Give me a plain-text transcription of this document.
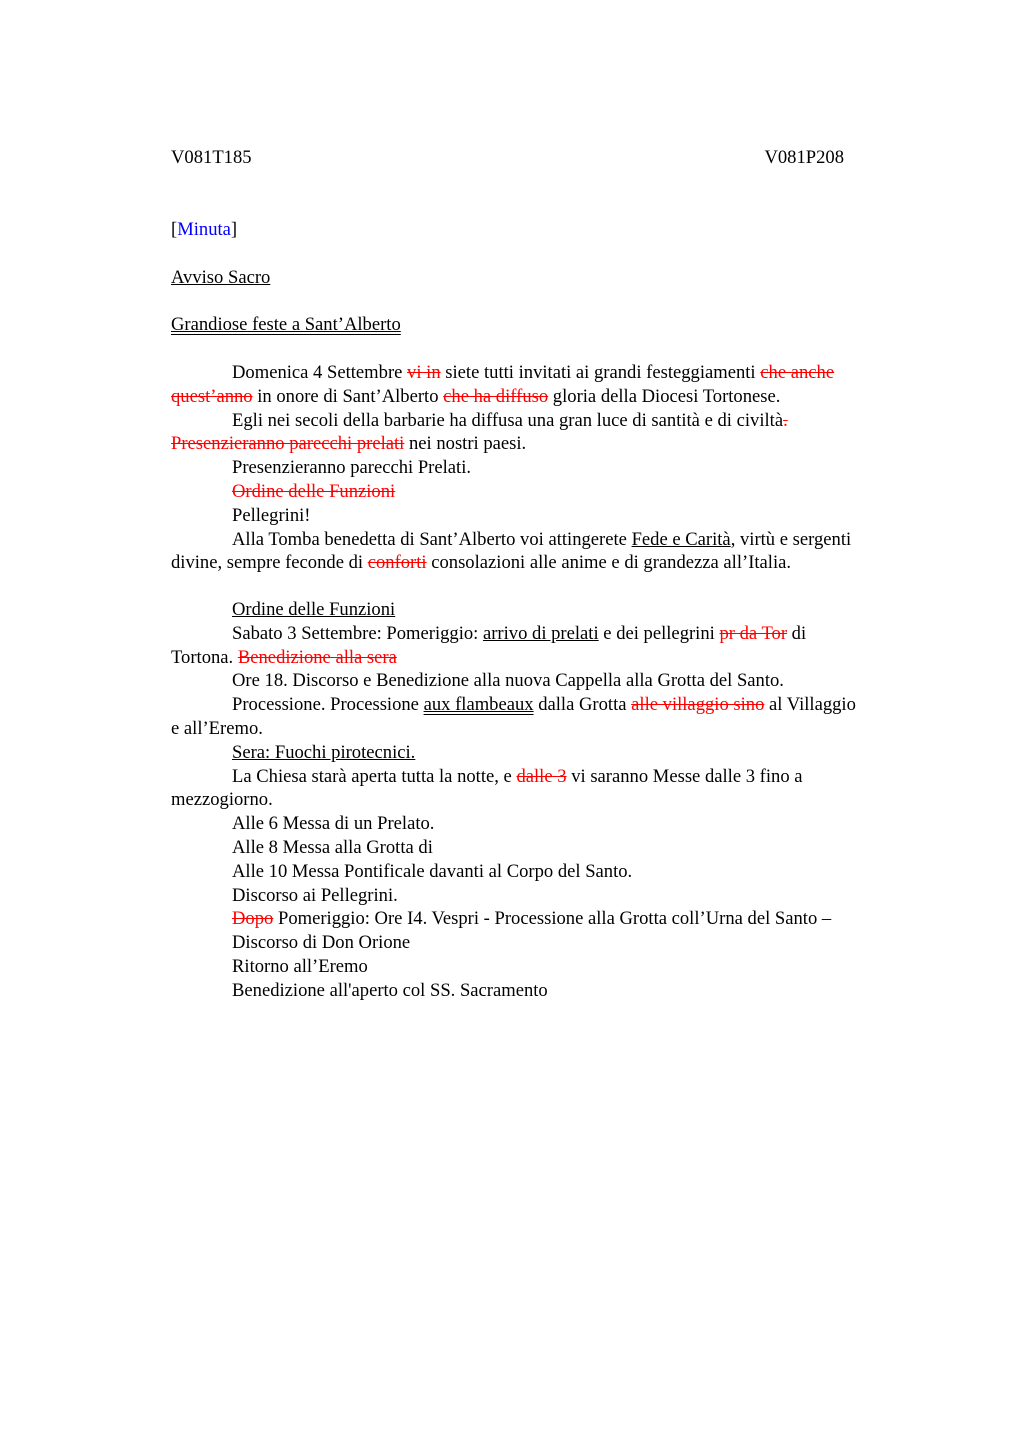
V081T185	V081P208
[Minuta]
Avviso Sacro
Grandiose feste a Sant’Alberto
Domenica 4 Settembre vi in siete tutti invitati ai grandi festeggiamenti che anche
quest’anno in onore di Sant’Alberto che ha diffuso gloria della Diocesi Tortonese.
Egli nei secoli della barbarie ha diffusa una gran luce di santità e di civiltà.
Presenzieranno parecchi prelati nei nostri paesi.
Presenzieranno parecchi Prelati.
Ordine delle Funzioni
Pellegrini!
Alla Tomba benedetta di Sant’Alberto voi attingerete Fede e Carità, virtù e sergenti
divine, sempre feconde di conforti consolazioni alle anime e di grandezza all’Italia.
Ordine delle Funzioni
Sabato 3 Settembre: Pomeriggio: arrivo di prelati e dei pellegrini pr da Tor di
Tortona. Benedizione alla sera
Ore 18. Discorso e Benedizione alla nuova Cappella alla Grotta del Santo.
Processione. Processione aux flambeaux dalla Grotta alle villaggio sino al Villaggio
e all’Eremo.
Sera: Fuochi pirotecnici.
La Chiesa starà aperta tutta la notte, e dalle 3 vi saranno Messe dalle 3 fino a
mezzogiorno.
Alle 6 Messa di un Prelato.
Alle 8 Messa alla Grotta di
Alle 10 Messa Pontificale davanti al Corpo del Santo.
Discorso ai Pellegrini.
Dopo Pomeriggio: Ore I4. Vespri - Processione alla Grotta coll’Urna del Santo –
Discorso di Don Orione
Ritorno all’Eremo
Benedizione all'aperto col SS. Sacramento
